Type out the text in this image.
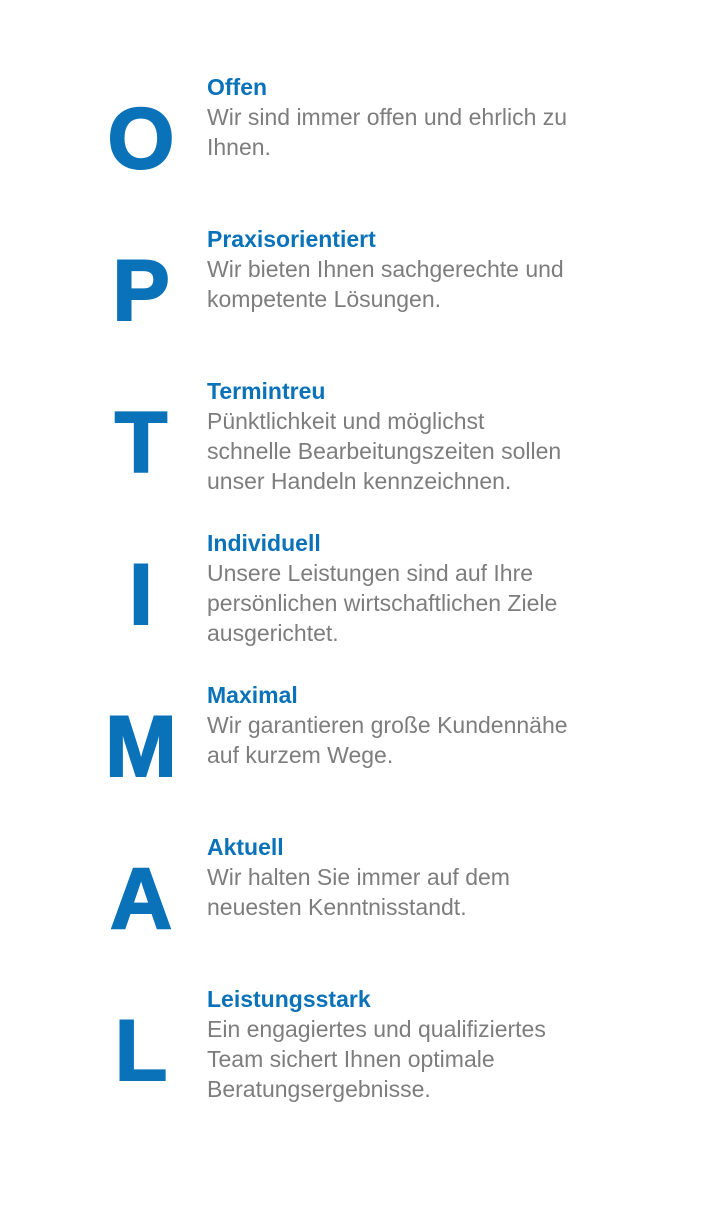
O

Offen

Wir sind immer offen und ehrlich zu
Ihnen.

P

Praxisorientiert

Wir bieten Ihnen sachgerechte und
kompetente Lösungen.

T

Termintreu

Pünktlichkeit und möglichst
schnelle Bearbeitungszeiten sollen
unser Handeln kennzeichnen.

I

Individuell

Unsere Leistungen sind auf Ihre
persönlichen wirtschaftlichen Ziele
ausgerichtet.

M

Maximal

Wir garantieren große Kundennähe
auf kurzem Wege.

A

Aktuell

Wir halten Sie immer auf dem
neuesten Kenntnisstandt.

L

Leistungsstark

Ein engagiertes und qualifiziertes
Team sichert Ihnen optimale
Beratungsergebnisse.
